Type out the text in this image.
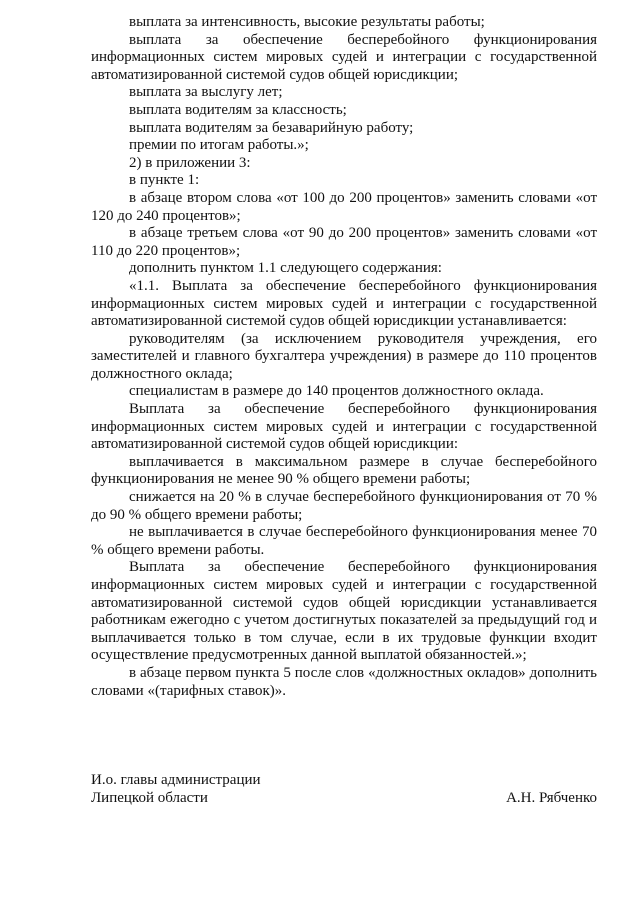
выплата за интенсивность, высокие результаты работы;

выплата за обеспечение бесперебойного функционирования информационных систем мировых судей и интеграции с государственной автоматизированной системой судов общей юрисдикции;

выплата за выслугу лет;

выплата водителям за классность;

выплата водителям за безаварийную работу;

премии по итогам работы.»;

2) в приложении 3:

в пункте 1:

в абзаце втором слова «от 100 до 200 процентов» заменить словами «от 120 до 240 процентов»;

в абзаце третьем слова «от 90 до 200 процентов» заменить словами «от 110 до 220 процентов»;

дополнить пунктом 1.1 следующего содержания:

«1.1. Выплата за обеспечение бесперебойного функционирования информационных систем мировых судей и интеграции с государственной автоматизированной системой судов общей юрисдикции устанавливается:

руководителям (за исключением руководителя учреждения, его заместителей и главного бухгалтера учреждения) в размере до 110 процентов должностного оклада;

специалистам в размере до 140 процентов должностного оклада.

Выплата за обеспечение бесперебойного функционирования информационных систем мировых судей и интеграции с государственной автоматизированной системой судов общей юрисдикции:

выплачивается в максимальном размере в случае бесперебойного функционирования не менее 90 % общего времени работы;

снижается на 20 % в случае бесперебойного функционирования от 70 % до 90 % общего времени работы;

не выплачивается в случае бесперебойного функционирования менее 70 % общего времени работы.

Выплата за обеспечение бесперебойного функционирования информационных систем мировых судей и интеграции с государственной автоматизированной системой судов общей юрисдикции устанавливается работникам ежегодно с учетом достигнутых показателей за предыдущий год и выплачивается только в том случае, если в их трудовые функции входит осуществление предусмотренных данной выплатой обязанностей.»;

в абзаце первом пункта 5 после слов «должностных окладов» дополнить словами «(тарифных ставок)».

И.о. главы администрации
Липецкой области	А.Н. Рябченко
